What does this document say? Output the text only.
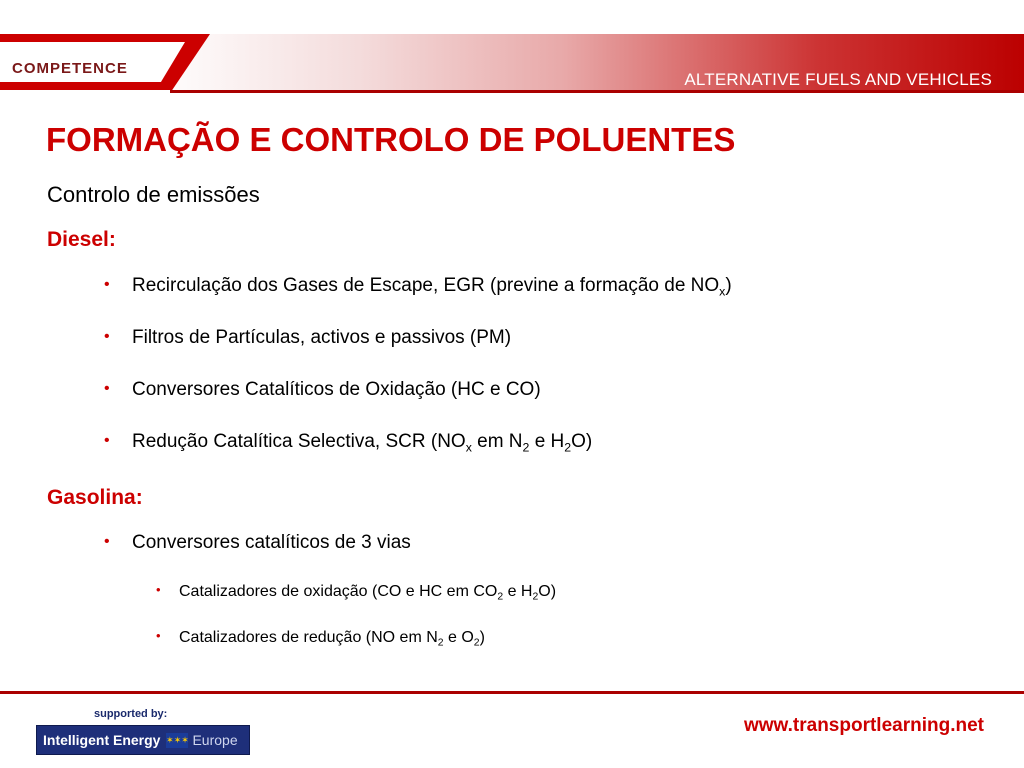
COMPETENCE
ALTERNATIVE FUELS AND VEHICLES
FORMAÇÃO E CONTROLO DE POLUENTES
Controlo de emissões
Diesel:
• Recirculação dos Gases de Escape, EGR (previne a formação de $NO_x$)
• Filtros de Partículas, activos e passivos (PM)
• Conversores Catalíticos de Oxidação (HC e CO)
• Redução Catalítica Selectiva, SCR ($NO_x$ em $N_2$ e $H_2O$)
Gasolina:
• Conversores catalíticos de 3 vias
• Catalizadores de oxidação (CO e HC em $CO_2$ e $H_2O$)
• Catalizadores de redução (NO em $N_2$ e $O_2$)
supported by:
Intelligent Energy ✶✶✶ Europe
www.transportlearning.net
